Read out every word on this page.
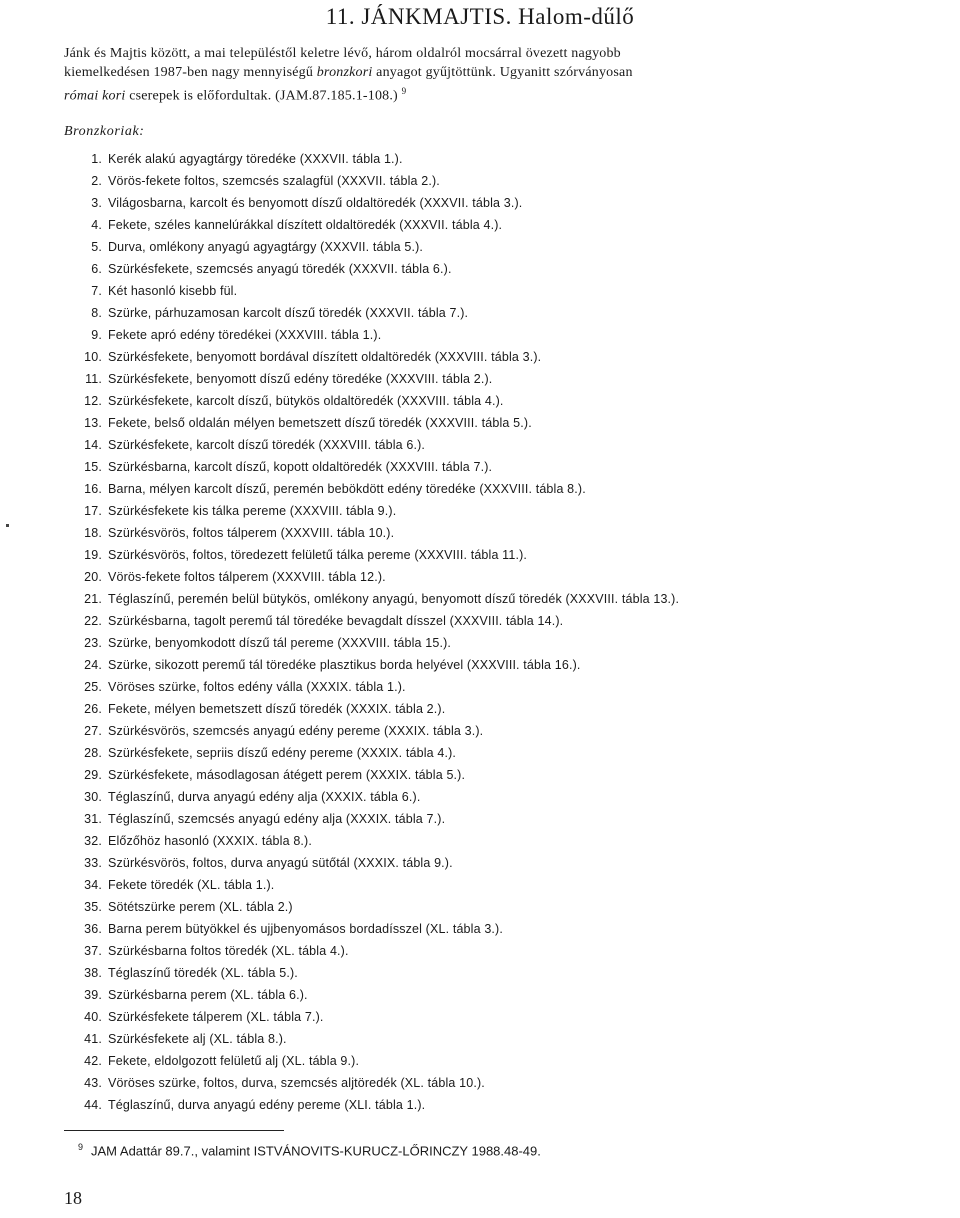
11. JÁNKMAJTIS. Halom-dűlő
Jánk és Majtis között, a mai településtől keletre lévő, három oldalról mocsárral övezett nagyobb
kiemelkedésen 1987-ben nagy mennyiségű bronzkori anyagot gyűjtöttünk. Ugyanitt szórványosan
római kori cserepek is előfordultak. (JAM.87.185.1-108.) $^9$
Bronzkoriak:
1. Kerék alakú agyagtárgy töredéke (XXXVII. tábla 1.).
2. Vörös-fekete foltos, szemcsés szalagfül (XXXVII. tábla 2.).
3. Világosbarna, karcolt és benyomott díszű oldaltöredék (XXXVII. tábla 3.).
4. Fekete, széles kannelúrákkal díszített oldaltöredék (XXXVII. tábla 4.).
5. Durva, omlékony anyagú agyagtárgy (XXXVII. tábla 5.).
6. Szürkésfekete, szemcsés anyagú töredék (XXXVII. tábla 6.).
7. Két hasonló kisebb fül.
8. Szürke, párhuzamosan karcolt díszű töredék (XXXVII. tábla 7.).
9. Fekete apró edény töredékei (XXXVIII. tábla 1.).
10. Szürkésfekete, benyomott bordával díszített oldaltöredék (XXXVIII. tábla 3.).
11. Szürkésfekete, benyomott díszű edény töredéke (XXXVIII. tábla 2.).
12. Szürkésfekete, karcolt díszű, bütykös oldaltöredék (XXXVIII. tábla 4.).
13. Fekete, belső oldalán mélyen bemetszett díszű töredék (XXXVIII. tábla 5.).
14. Szürkésfekete, karcolt díszű töredék (XXXVIII. tábla 6.).
15. Szürkésbarna, karcolt díszű, kopott oldaltöredék (XXXVIII. tábla 7.).
16. Barna, mélyen karcolt díszű, peremén bebökdött edény töredéke (XXXVIII. tábla 8.).
17. Szürkésfekete kis tálka pereme (XXXVIII. tábla 9.).
18. Szürkésvörös, foltos tálperem (XXXVIII. tábla 10.).
19. Szürkésvörös, foltos, töredezett felületű tálka pereme (XXXVIII. tábla 11.).
20. Vörös-fekete foltos tálperem (XXXVIII. tábla 12.).
21. Téglaszínű, peremén belül bütykös, omlékony anyagú, benyomott díszű töredék (XXXVIII. tábla 13.).
22. Szürkésbarna, tagolt peremű tál töredéke bevagdalt dísszel (XXXVIII. tábla 14.).
23. Szürke, benyomkodott díszű tál pereme (XXXVIII. tábla 15.).
24. Szürke, sikozott peremű tál töredéke plasztikus borda helyével (XXXVIII. tábla 16.).
25. Vöröses szürke, foltos edény válla (XXXIX. tábla 1.).
26. Fekete, mélyen bemetszett díszű töredék (XXXIX. tábla 2.).
27. Szürkésvörös, szemcsés anyagú edény pereme (XXXIX. tábla 3.).
28. Szürkésfekete, sepriis díszű edény pereme (XXXIX. tábla 4.).
29. Szürkésfekete, másodlagosan átégett perem (XXXIX. tábla 5.).
30. Téglaszínű, durva anyagú edény alja (XXXIX. tábla 6.).
31. Téglaszínű, szemcsés anyagú edény alja (XXXIX. tábla 7.).
32. Előzőhöz hasonló (XXXIX. tábla 8.).
33. Szürkésvörös, foltos, durva anyagú sütőtál (XXXIX. tábla 9.).
34. Fekete töredék (XL. tábla 1.).
35. Sötétszürke perem (XL. tábla 2.)
36. Barna perem bütyökkel és ujjbenyomásos bordadísszel (XL. tábla 3.).
37. Szürkésbarna foltos töredék (XL. tábla 4.).
38. Téglaszínű töredék (XL. tábla 5.).
39. Szürkésbarna perem (XL. tábla 6.).
40. Szürkésfekete tálperem (XL. tábla 7.).
41. Szürkésfekete alj (XL. tábla 8.).
42. Fekete, eldolgozott felületű alj (XL. tábla 9.).
43. Vöröses szürke, foltos, durva, szemcsés aljtöredék (XL. tábla 10.).
44. Téglaszínű, durva anyagú edény pereme (XLI. tábla 1.).
$^9$ JAM Adattár 89.7., valamint ISTVÁNOVITS-KURUCZ-LŐRINCZY 1988.48-49.
18
